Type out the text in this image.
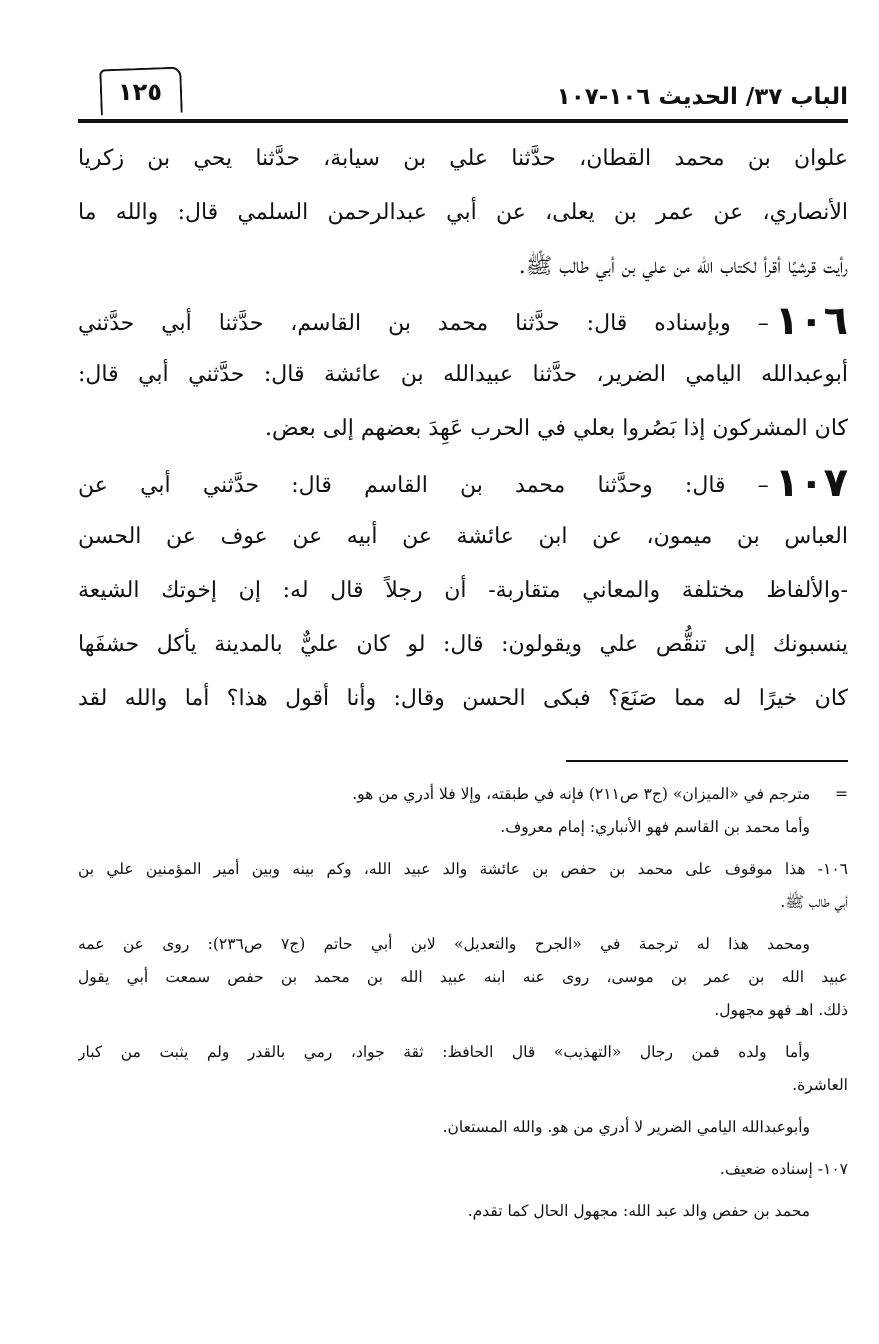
١٢٥	الباب ٣٧/ الحديث ١٠٦-١٠٧
علوان بن محمد القطان، حدَّثنا علي بن سيابة، حدَّثنا يحي بن زكريا
الأنصاري، عن عمر بن يعلى، عن أبي عبدالرحمن السلمي قال: والله ما
رأيت قرشيًا أقرأ لكتاب الله من علي بن أبي طالب ﷺ.
١٠٦– وبإسناده قال: حدَّثنا محمد بن القاسم، حدَّثنا أبي حدَّثني
أبوعبدالله اليامي الضرير، حدَّثنا عبيدالله بن عائشة قال: حدَّثني أبي قال:
كان المشركون إذا بَصُروا بعلي في الحرب عَهِدَ بعضهم إلى بعض.
١٠٧– قال: وحدَّثنا محمد بن القاسم قال: حدَّثني أبي عن
العباس بن ميمون، عن ابن عائشة عن أبيه عن عوف عن الحسن
-والألفاظ مختلفة والمعاني متقاربة- أن رجلاً قال له: إن إخوتك الشيعة
ينسبونك إلى تنقُّص علي ويقولون: قال: لو كان عليٌّ بالمدينة يأكل حشفَها
كان خيرًا له مما صَنَعَ؟ فبكى الحسن وقال: وأنا أقول هذا؟ أما والله لقد
=     مترجم في «الميزان» (ج٣ ص٢١١) فإنه في طبقته، وإلا فلا أدري من هو.
وأما محمد بن القاسم فهو الأنباري: إمام معروف.
١٠٦- هذا موقوف على محمد بن حفص بن عائشة والد عبيد الله، وكم بينه وبين أمير المؤمنين علي بن
أبي طالب ﷺ.
ومحمد هذا له ترجمة في «الجرح والتعديل» لابن أبي حاتم (ج٧ ص٢٣٦): روى عن عمه
عبيد الله بن عمر بن موسى، روى عنه ابنه عبيد الله بن محمد بن حفص سمعت أبي يقول
ذلك. اهـ فهو مجهول.
وأما ولده فمن رجال «التهذيب» قال الحافظ: ثقة جواد، رمي بالقدر ولم يثبت من كبار
العاشرة.
وأبوعبدالله اليامي الضرير لا أدري من هو. والله المستعان.
١٠٧- إسناده ضعيف.
محمد بن حفص والد عبد الله: مجهول الحال كما تقدم.
